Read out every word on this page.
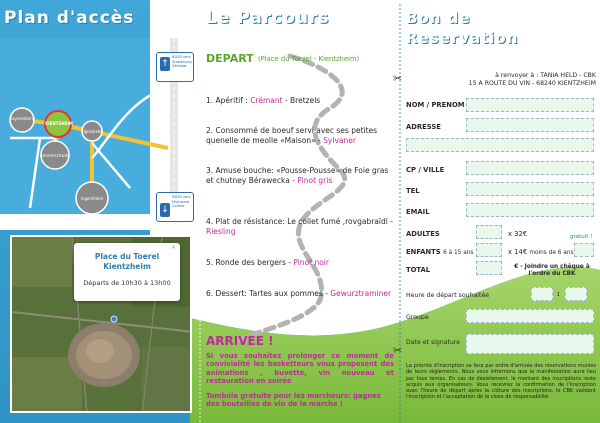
Plan d'accès	Le Parcours	Bon de Reservation
Kaysersberg
KIENTZHEIM
Sigolsheim
Ammerschwihr
Ingersheim
↑
RD35 vers Strasbourg Sélestat
↓
RD35 vers Mulhouse Colmar
×
Place du Toerel
Kientzheim
Départs de 10h30 à 13h00
DEPART (Place du Toerel - Kientzheim)
1. Apéritif : Crémant - Bretzels
2. Consommé de boeuf servi avec ses petites quenelle de meolle «Maison» - Sylvaner
3. Amuse bouche: «Pousse-Pousse» de Foie gras et chutney Bérawecka - Pinot gris
4. Plat de résistance: Le collet fumé ,rovgabraïdl - Riesling
5. Ronde des bergers - Pinot noir
6. Dessert: Tartes aux pommes - Gewurztraminer
ARRIVEE !
Si vous souhaitez prolonger ce moment de convivialité les basketteurs vous proposent des animations , buvette, vin nouveau et restauration en soirée
Tombola gratuite pour les marcheurs: gagnez des bouteilles de vin de la marche !
✂
✂
à renvoyer à : TANIA HELD - CBK
15 A ROUTE DU VIN - 68240 KIENTZHEIM
NOM / PRENOM
ADRESSE
CP / VILLE
TEL
EMAIL
ADULTES	x 32€	gratuit !
ENFANTS 6 à 15 ans	x 14€ moins de 6 ans
TOTAL	€ - Joindre un chèque à l'ordre du CBK
Heure de départ souhaitée	:
Groupe
Date et signature
La priorité d'inscription se fera par ordre d'arrivée des réservations munies de leurs règlements. Nous vous informons que la manifestation aura lieu par tous temps. En cas de désistement, le montant des inscriptions reste acquis aux organisateurs. Vous recevrez la confirmation de l'inscription avec l'heure de départ après la clôture des inscriptions, le CBK validant l'inscription et l'acceptation de la close de responsabilité.
